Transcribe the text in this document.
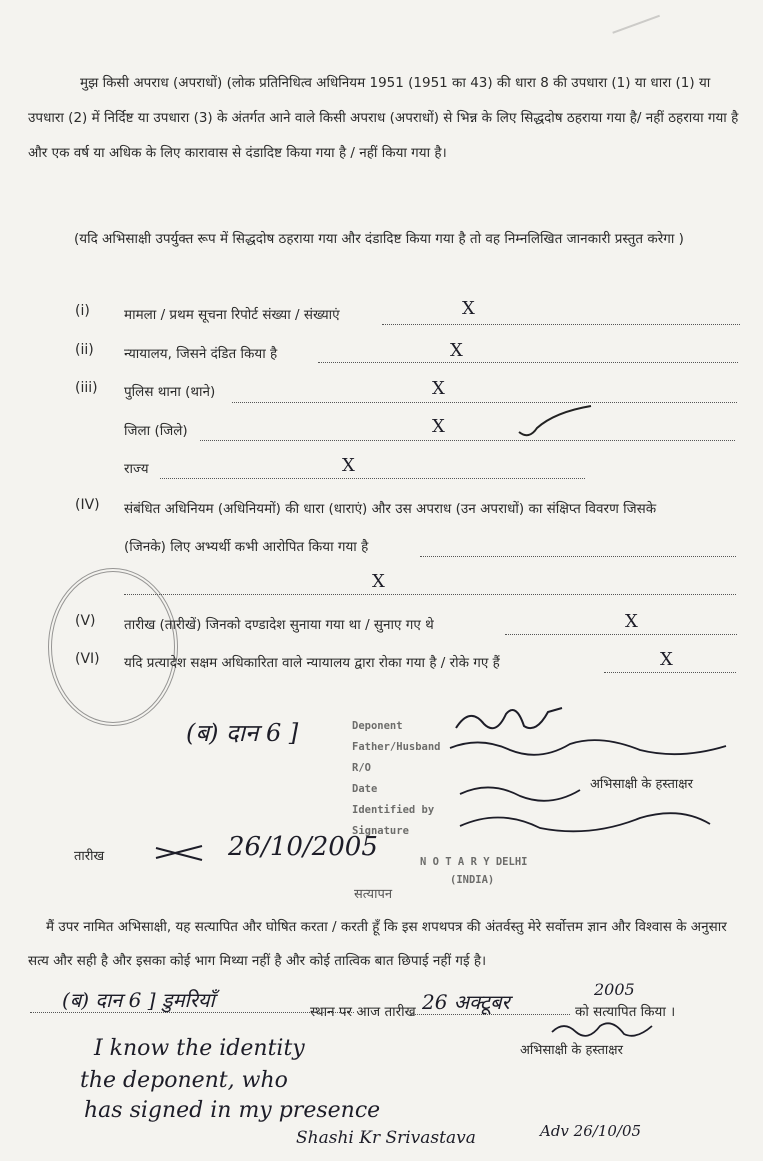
मुझ किसी अपराध (अपराधों) (लोक प्रतिनिधित्व अधिनियम 1951 (1951 का 43) की धारा 8 की उपधारा (1) या धारा (1) या उपधारा (2) में निर्दिष्ट या उपधारा (3) के अंतर्गत आने वाले किसी अपराध (अपराधों) से भिन्न के लिए सिद्धदोष ठहराया गया है/ नहीं ठहराया गया है और एक वर्ष या अधिक के लिए कारावास से दंडादिष्ट किया गया है / नहीं किया गया है।
(यदि अभिसाक्षी उपर्युक्त रूप में सिद्धदोष ठहराया गया और दंडादिष्ट किया गया है तो वह निम्नलिखित जानकारी प्रस्तुत करेगा )
(i)	मामला / प्रथम सूचना रिपोर्ट संख्या / संख्याएं	X
(ii) न्यायालय, जिसने दंडित किया है	X
(iii) पुलिस थाना (थाने)	X
जिला (जिले)	X
राज्य	X
(IV) संबंधित अधिनियम (अधिनियमों) की धारा (धाराएं) और उस अपराध (उन अपराधों) का संक्षिप्त विवरण जिसके
(जिनके) लिए अभ्यर्थी कभी आरोपित किया गया है
X
(V) तारीख (तारीखें) जिनको दण्डादेश सुनाया गया था / सुनाए गए थे	X
(VI) यदि प्रत्यादेश सक्षम अधिकारिता वाले न्यायालय द्वारा रोका गया है / रोके गए हैं	X
(ब) दान 6 ]	Deponent
Father/Husband
R/O
Date
Identified by
Signature
N O T A R Y DELHI
(INDIA)
अभिसाक्षी के हस्ताक्षर
तारीख	26/10/2005
सत्यापन
मैं उपर नामित अभिसाक्षी, यह सत्यापित और घोषित करता / करती हूँ कि इस शपथपत्र की अंतर्वस्तु मेरे सर्वोत्तम ज्ञान और विश्वास के अनुसार सत्य और सही है और इसका कोई भाग मिथ्या नहीं है और कोई तात्विक बात छिपाई नहीं गई है।
(ब) दान 6 ] डुमरियाँ	स्थान पर आज तारीख 26 अक्टूबर
2005
को सत्यापित किया ।
अभिसाक्षी के हस्ताक्षर
I know the identity
the deponent, who
has signed in my presence
Shashi Kr Srivastava	Adv 26/10/05
